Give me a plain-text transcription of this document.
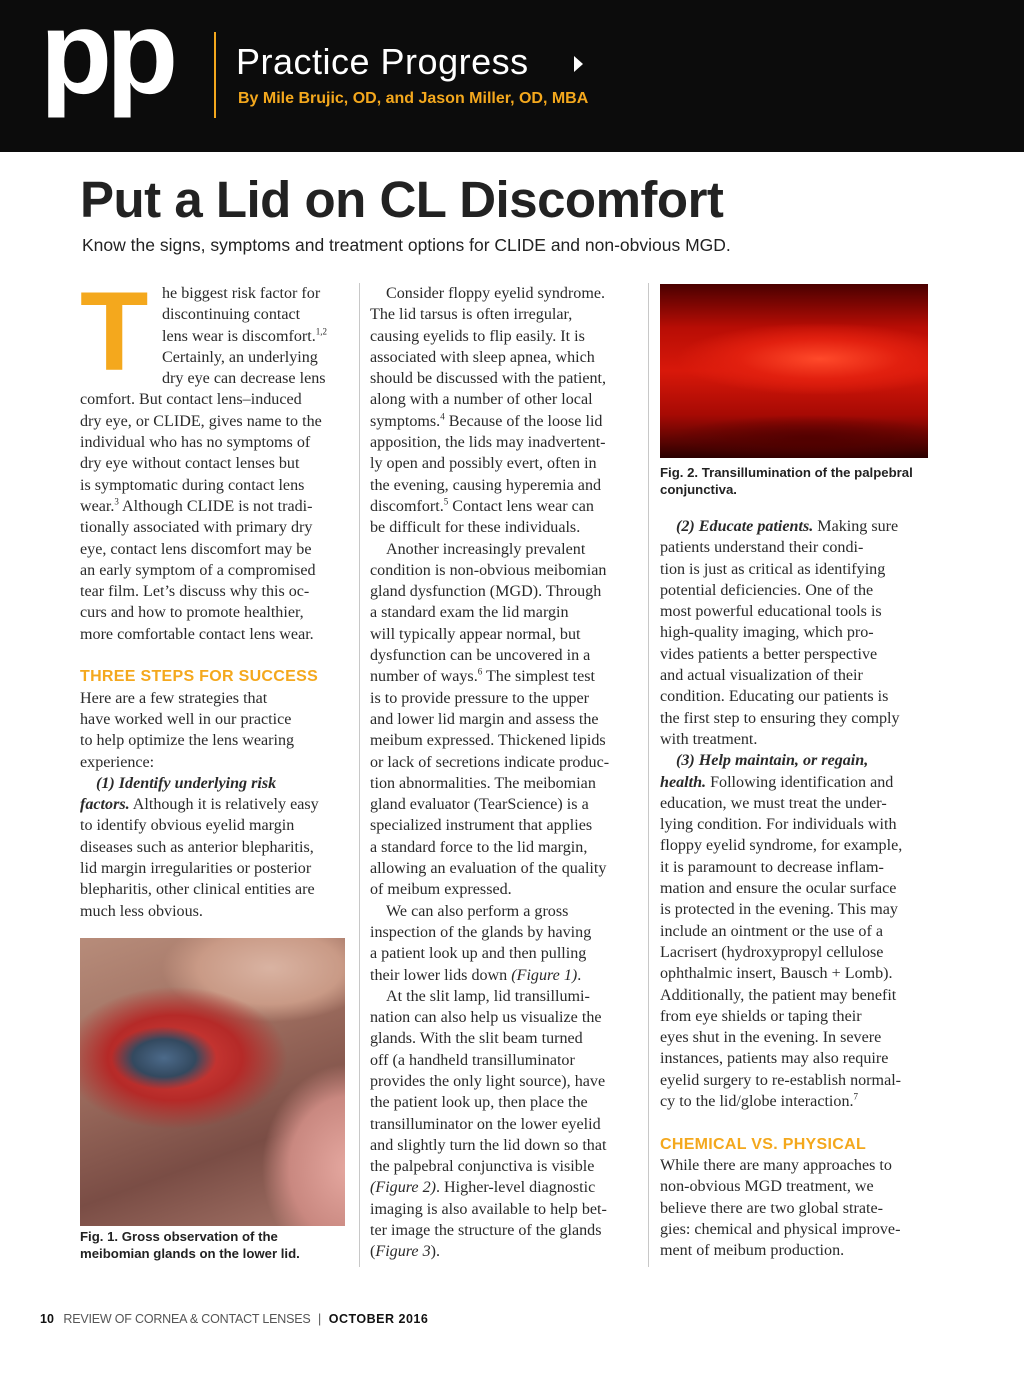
pp Practice Progress
By Mile Brujic, OD, and Jason Miller, OD, MBA
Put a Lid on CL Discomfort
Know the signs, symptoms and treatment options for CLIDE and non-obvious MGD.
T he biggest risk factor for
discontinuing contact
lens wear is discomfort.$^{1,2}$
Certainly, an underlying
dry eye can decrease lens
comfort. But contact lens–induced
dry eye, or CLIDE, gives name to the
individual who has no symptoms of
dry eye without contact lenses but
is symptomatic during contact lens
wear.$^3$ Although CLIDE is not tradi-
tionally associated with primary dry
eye, contact lens discomfort may be
an early symptom of a compromised
tear film. Let’s discuss why this oc-
curs and how to promote healthier,
more comfortable contact lens wear.
THREE STEPS FOR SUCCESS
Here are a few strategies that
have worked well in our practice
to help optimize the lens wearing
experience:
(1) Identify underlying risk
factors. Although it is relatively easy
to identify obvious eyelid margin
diseases such as anterior blepharitis,
lid margin irregularities or posterior
blepharitis, other clinical entities are
much less obvious.
Fig. 1. Gross observation of the meibomian glands on the lower lid.
Consider floppy eyelid syndrome.
The lid tarsus is often irregular,
causing eyelids to flip easily. It is
associated with sleep apnea, which
should be discussed with the patient,
along with a number of other local
symptoms.$^4$ Because of the loose lid
apposition, the lids may inadvertent-
ly open and possibly evert, often in
the evening, causing hyperemia and
discomfort.$^5$ Contact lens wear can
be difficult for these individuals.
Another increasingly prevalent
condition is non-obvious meibomian
gland dysfunction (MGD). Through
a standard exam the lid margin
will typically appear normal, but
dysfunction can be uncovered in a
number of ways.$^6$ The simplest test
is to provide pressure to the upper
and lower lid margin and assess the
meibum expressed. Thickened lipids
or lack of secretions indicate produc-
tion abnormalities. The meibomian
gland evaluator (TearScience) is a
specialized instrument that applies
a standard force to the lid margin,
allowing an evaluation of the quality
of meibum expressed.
We can also perform a gross
inspection of the glands by having
a patient look up and then pulling
their lower lids down (Figure 1).
At the slit lamp, lid transillumi-
nation can also help us visualize the
glands. With the slit beam turned
off (a handheld transilluminator
provides the only light source), have
the patient look up, then place the
transilluminator on the lower eyelid
and slightly turn the lid down so that
the palpebral conjunctiva is visible
(Figure 2). Higher-level diagnostic
imaging is also available to help bet-
ter image the structure of the glands
(Figure 3).
Fig. 2. Transillumination of the palpebral conjunctiva.
(2) Educate patients. Making sure
patients understand their condi-
tion is just as critical as identifying
potential deficiencies. One of the
most powerful educational tools is
high-quality imaging, which pro-
vides patients a better perspective
and actual visualization of their
condition. Educating our patients is
the first step to ensuring they comply
with treatment.
(3) Help maintain, or regain,
health. Following identification and
education, we must treat the under-
lying condition. For individuals with
floppy eyelid syndrome, for example,
it is paramount to decrease inflam-
mation and ensure the ocular surface
is protected in the evening. This may
include an ointment or the use of a
Lacrisert (hydroxypropyl cellulose
ophthalmic insert, Bausch + Lomb).
Additionally, the patient may benefit
from eye shields or taping their
eyes shut in the evening. In severe
instances, patients may also require
eyelid surgery to re-establish normal-
cy to the lid/globe interaction.$^7$
CHEMICAL VS. PHYSICAL
While there are many approaches to
non-obvious MGD treatment, we
believe there are two global strate-
gies: chemical and physical improve-
ment of meibum production.
10 REVIEW OF CORNEA & CONTACT LENSES | OCTOBER 2016
